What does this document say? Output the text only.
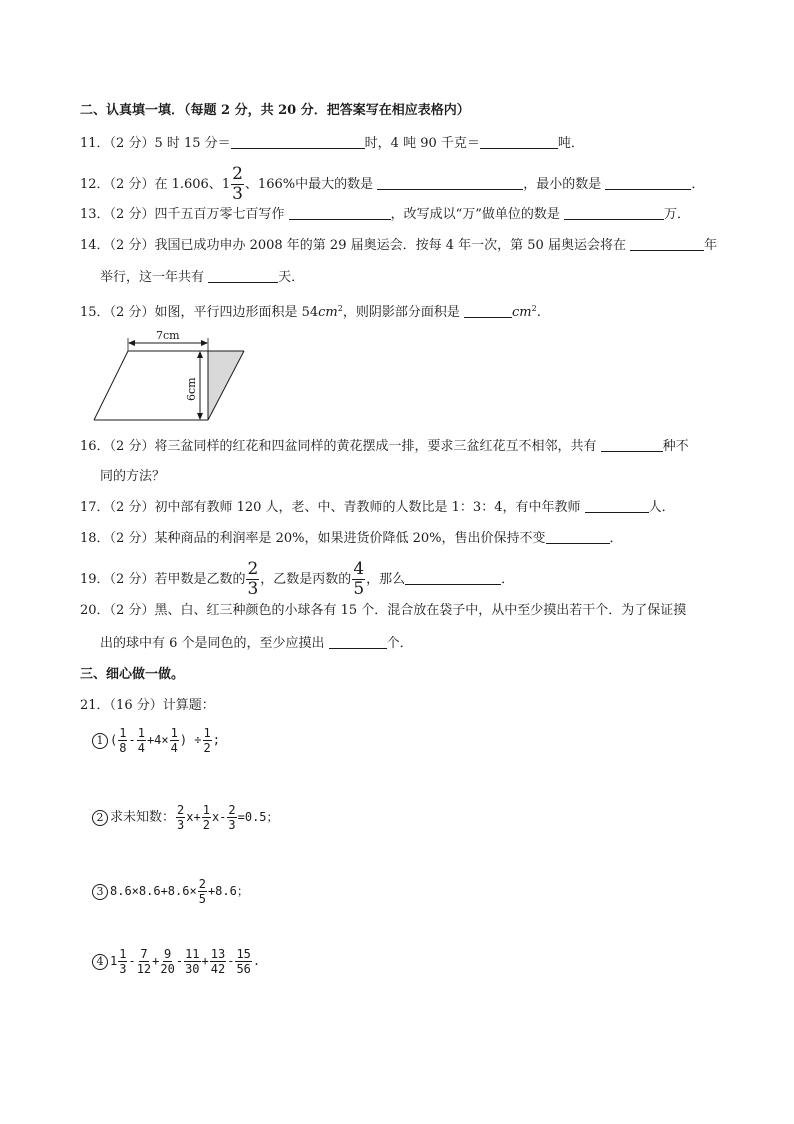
二、认真填一填．（每题 2 分，共 20 分．把答案写在相应表格内）
11．（2 分）5 时 15 分＝	时，4 吨 90 千克＝	吨．
12．（2 分）在 1.606、$1 \frac{2}{3}$ 、166%中最大的数是	，最小的数是	．
13．（2 分）四千五百万零七百写作	，改写成以“万”做单位的数是	万．
14．（2 分）我国已成功申办 2008 年的第 29 届奥运会．按每 4 年一次，第 50 届奥运会将在	年
举行，这一年共有	天．
15．（2 分）如图，平行四边形面积是 $54cm^2$，则阴影部分面积是	$cm^2$.
7cm
6cm
16．（2 分）将三盆同样的红花和四盆同样的黄花摆成一排，要求三盆红花互不相邻，共有	种不
同的方法？
17．（2 分）初中部有教师 120 人，老、中、青教师的人数比是 1：3：4，有中年教师	人．
18．（2 分）某种商品的利润率是 20%，如果进货价降低 20%，售出价保持不变	．
19．（2 分）若甲数是乙数的 $\frac{2}{3}$ ，乙数是丙数的 $\frac{4}{5}$ ，那么	．
20．（2 分）黑、白、红三种颜色的小球各有 15 个．混合放在袋子中，从中至少摸出若干个．为了保证摸
出的球中有 6 个是同色的，至少应摸出	个．
三、细心做一做。
21．（16 分）计算题：
1 ( $\frac{1}{8} - \frac{1}{4} +4\times \frac{1}{4}$ ) ÷ $\frac{1}{2}$ ;
2 求未知数： $\frac{2}{3} x+ \frac{1}{2} x- \frac{2}{3} =0.5$；
3 $8.6\times 8.6+8.6\times \frac{2}{5} +8.6$；
4 $1 \frac{1}{3} - \frac{7}{12} + \frac{9}{20} - \frac{11}{30} + \frac{13}{42} - \frac{15}{56}$ .
